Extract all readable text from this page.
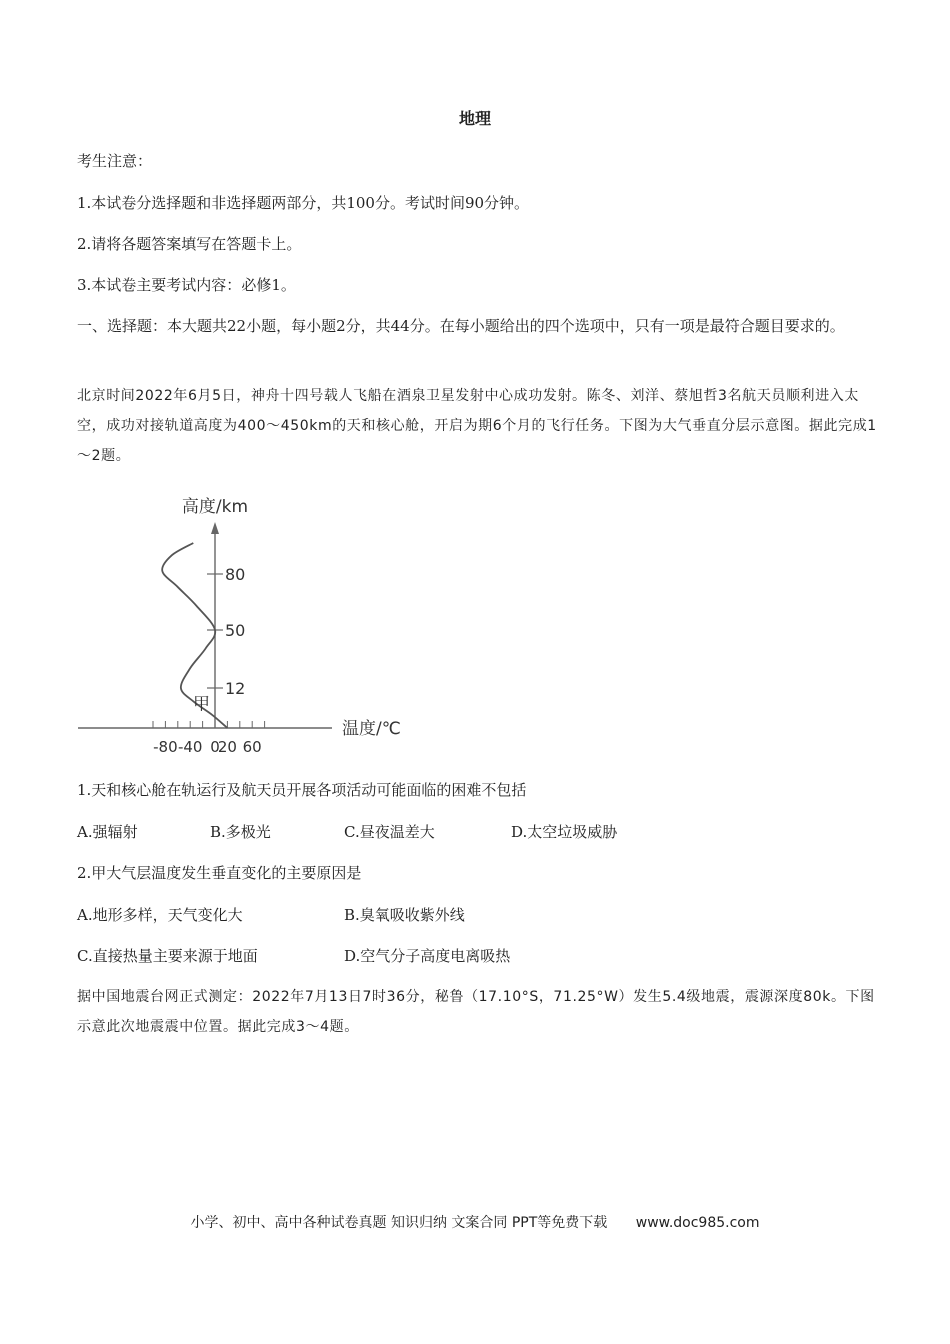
地理
考生注意：
1.本试卷分选择题和非选择题两部分，共100分。考试时间90分钟。
2.请将各题答案填写在答题卡上。
3.本试卷主要考试内容：必修1。
一、选择题：本大题共22小题，每小题2分，共44分。在每小题给出的四个选项中，只有一项是最符合题目要求的。
北京时间2022年6月5日，神舟十四号载人飞船在酒泉卫星发射中心成功发射。陈冬、刘洋、蔡旭哲3名航天员顺利进入太空，成功对接轨道高度为400～450km的天和核心舱，开启为期6个月的飞行任务。下图为大气垂直分层示意图。据此完成1～2题。
-80 -40 0
20 60
12
50
80
高度/km
温度/℃
甲
1.天和核心舱在轨运行及航天员开展各项活动可能面临的困难不包括
A.强辐射	B.多极光	C.昼夜温差大	D.太空垃圾威胁
2.甲大气层温度发生垂直变化的主要原因是
A.地形多样，天气变化大	B.臭氧吸收紫外线
C.直接热量主要来源于地面	D.空气分子高度电离吸热
据中国地震台网正式测定：2022年7月13日7时36分，秘鲁（17.10°S，71.25°W）发生5.4级地震，震源深度80k。下图示意此次地震震中位置。据此完成3～4题。
小学、初中、高中各种试卷真题 知识归纳 文案合同 PPT等免费下载 www.doc985.com
